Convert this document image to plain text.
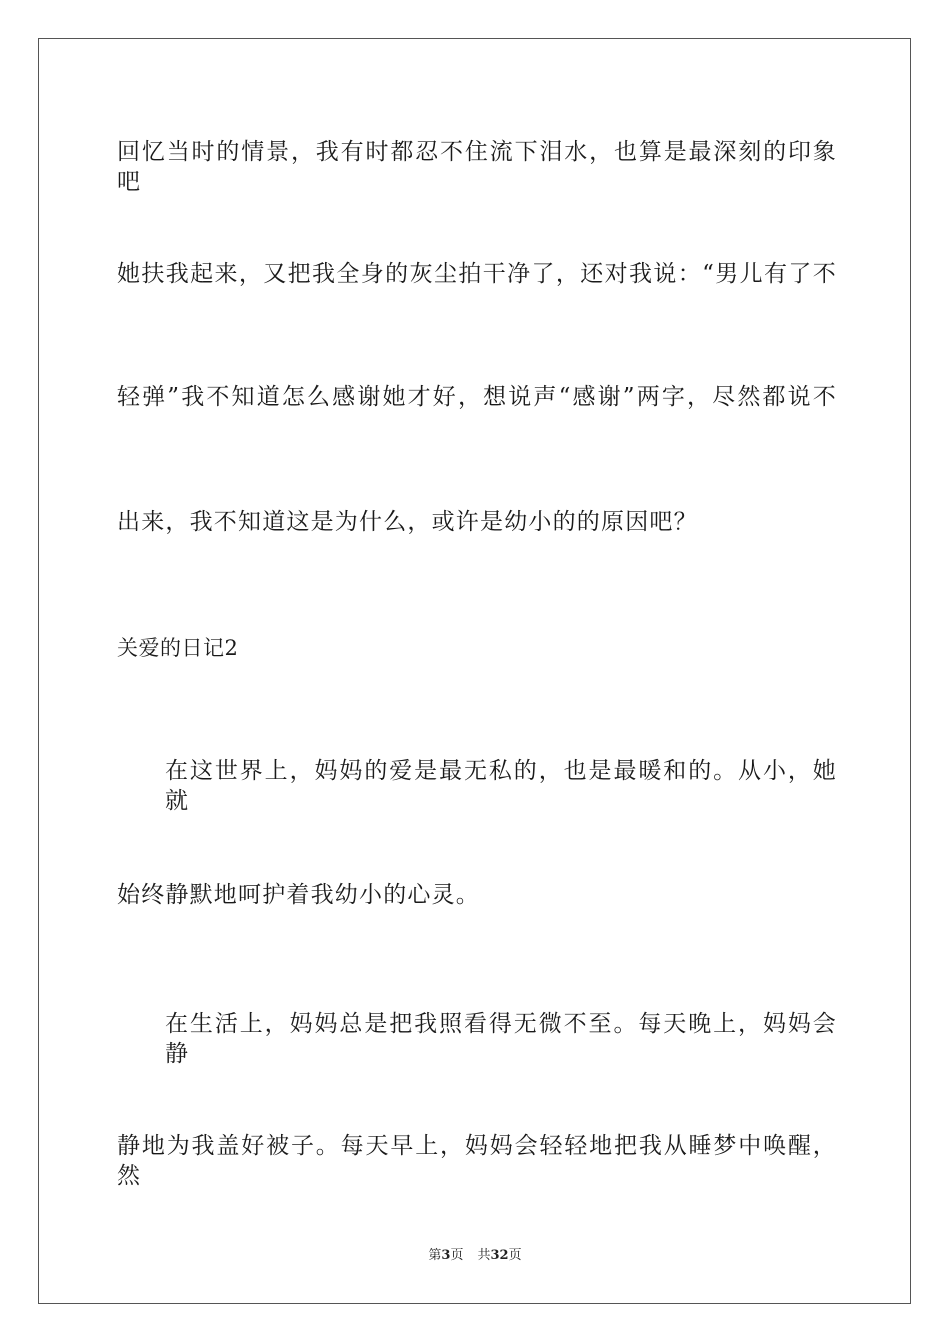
回忆当时的情景，我有时都忍不住流下泪水，也算是最深刻的印象吧
她扶我起来，又把我全身的灰尘拍干净了，还对我说：“男儿有了不
轻弹”我不知道怎么感谢她才好，想说声“感谢”两字，尽然都说不
出来，我不知道这是为什么，或许是幼小的的原因吧？
关爱的日记2
在这世界上，妈妈的爱是最无私的，也是最暖和的。从小，她就
始终静默地呵护着我幼小的心灵。
在生活上，妈妈总是把我照看得无微不至。每天晚上，妈妈会静
静地为我盖好被子。每天早上，妈妈会轻轻地把我从睡梦中唤醒，然
第3页 共32页
